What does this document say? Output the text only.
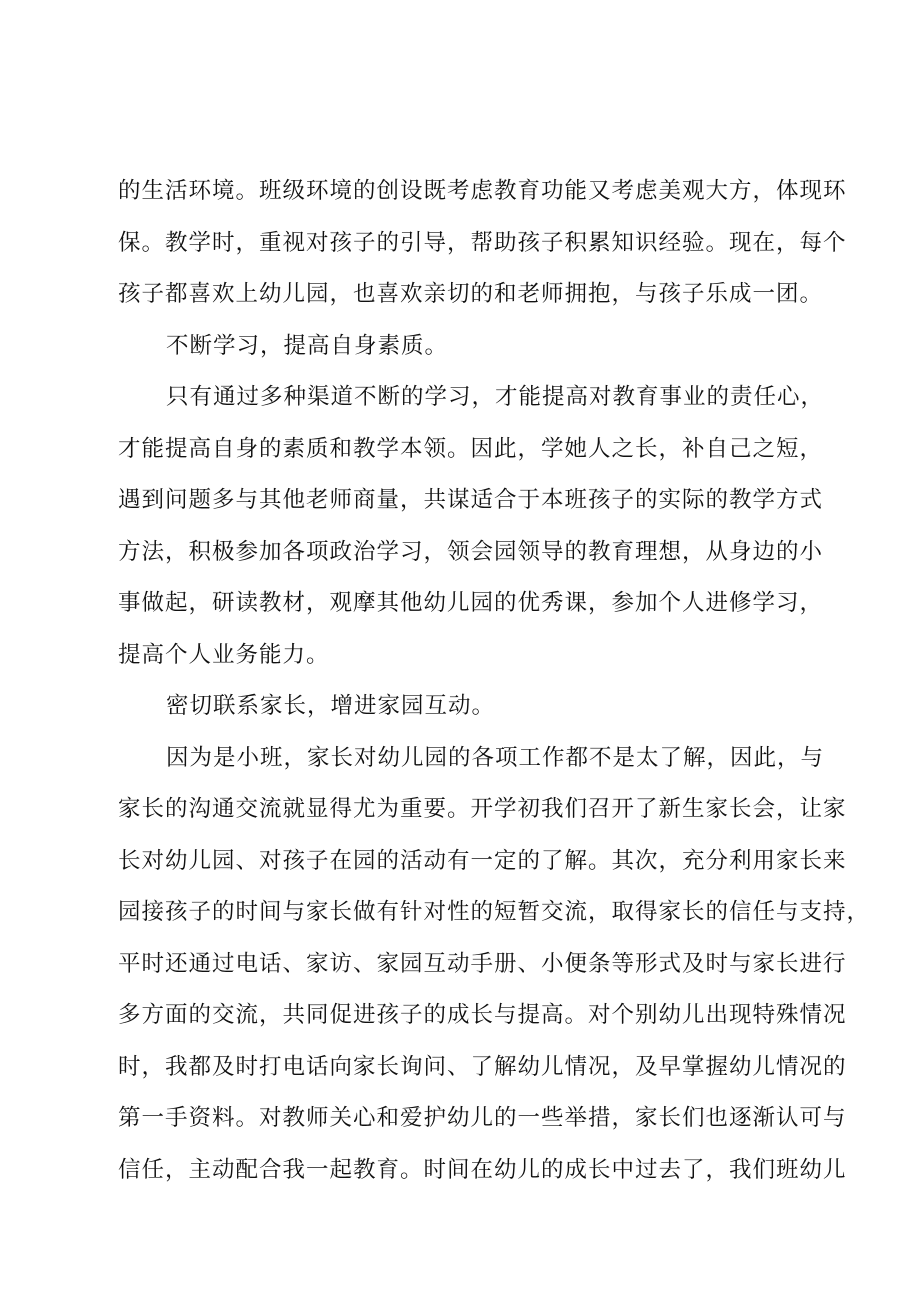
的生活环境。班级环境的创设既考虑教育功能又考虑美观大方，体现环
保。教学时，重视对孩子的引导，帮助孩子积累知识经验。现在，每个
孩子都喜欢上幼儿园，也喜欢亲切的和老师拥抱，与孩子乐成一团。
不断学习，提高自身素质。
只有通过多种渠道不断的学习，才能提高对教育事业的责任心，
才能提高自身的素质和教学本领。因此，学她人之长，补自己之短，
遇到问题多与其他老师商量，共谋适合于本班孩子的实际的教学方式
方法，积极参加各项政治学习，领会园领导的教育理想，从身边的小
事做起，研读教材，观摩其他幼儿园的优秀课，参加个人进修学习，
提高个人业务能力。
密切联系家长，增进家园互动。
因为是小班，家长对幼儿园的各项工作都不是太了解，因此，与
家长的沟通交流就显得尤为重要。开学初我们召开了新生家长会，让家
长对幼儿园、对孩子在园的活动有一定的了解。其次，充分利用家长来
园接孩子的时间与家长做有针对性的短暂交流，取得家长的信任与支持，
平时还通过电话、家访、家园互动手册、小便条等形式及时与家长进行
多方面的交流，共同促进孩子的成长与提高。对个别幼儿出现特殊情况
时，我都及时打电话向家长询问、了解幼儿情况，及早掌握幼儿情况的
第一手资料。对教师关心和爱护幼儿的一些举措，家长们也逐渐认可与
信任，主动配合我一起教育。时间在幼儿的成长中过去了，我们班幼儿
